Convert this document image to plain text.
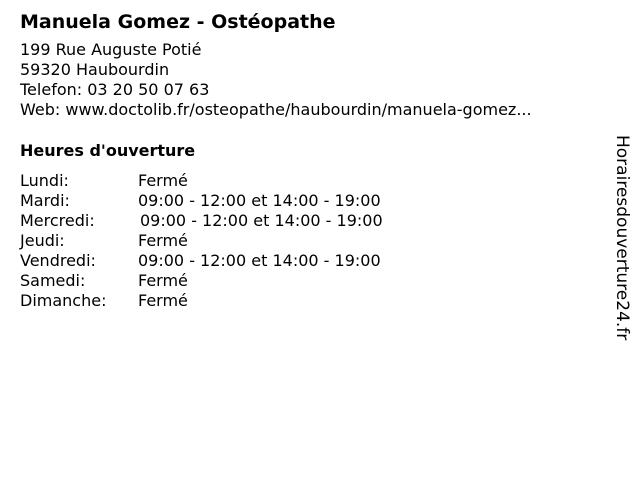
Manuela Gomez - Ostéopathe
199 Rue Auguste Potié
59320 Haubourdin
Telefon: 03 20 50 07 63
Web: www.doctolib.fr/osteopathe/haubourdin/manuela-gomez...
Heures d'ouverture
Lundi:	Fermé
Mardi:	09:00 - 12:00 et 14:00 - 19:00
Mercredi:	09:00 - 12:00 et 14:00 - 19:00
Jeudi:	Fermé
Vendredi:	09:00 - 12:00 et 14:00 - 19:00
Samedi:	Fermé
Dimanche: Fermé	Horairesdouverture24.fr
